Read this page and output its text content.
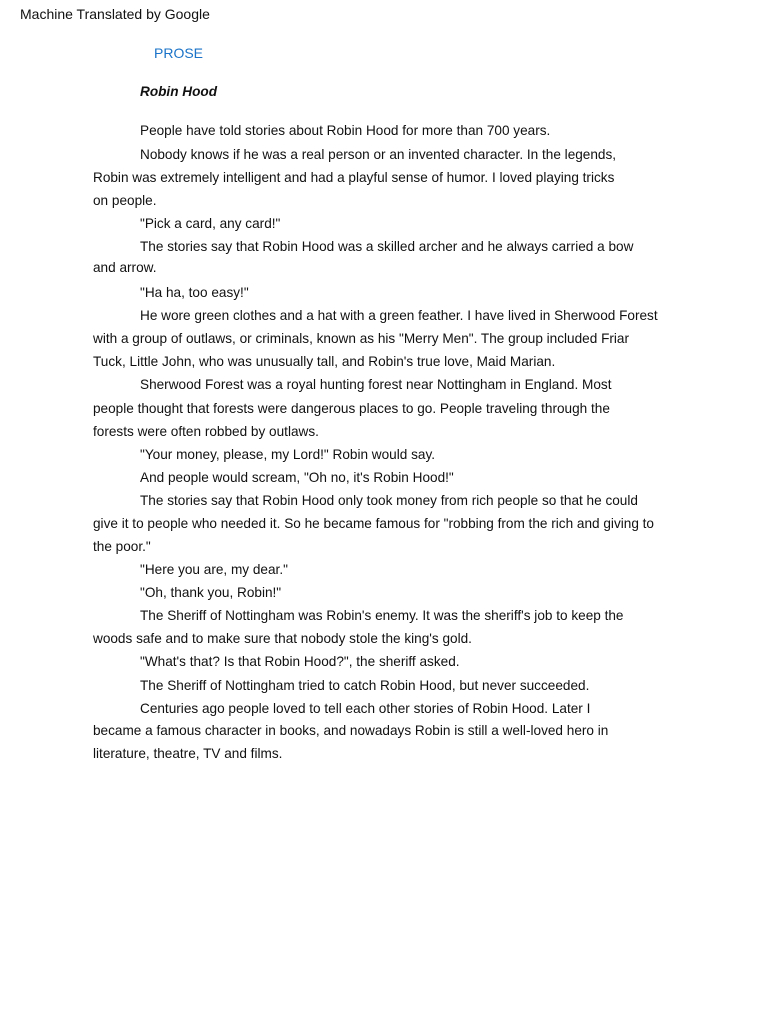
Machine Translated by Google
PROSE
Robin Hood
People have told stories about Robin Hood for more than 700 years.
Nobody knows if he was a real person or an invented character. In the legends,
Robin was extremely intelligent and had a playful sense of humor. I loved playing tricks
on people.
"Pick a card, any card!"
The stories say that Robin Hood was a skilled archer and he always carried a bow
and arrow.
"Ha ha, too easy!"
He wore green clothes and a hat with a green feather. I have lived in Sherwood Forest
with a group of outlaws, or criminals, known as his "Merry Men". The group included Friar
Tuck, Little John, who was unusually tall, and Robin's true love, Maid Marian.
Sherwood Forest was a royal hunting forest near Nottingham in England. Most
people thought that forests were dangerous places to go. People traveling through the
forests were often robbed by outlaws.
"Your money, please, my Lord!" Robin would say.
And people would scream, "Oh no, it's Robin Hood!"
The stories say that Robin Hood only took money from rich people so that he could
give it to people who needed it. So he became famous for "robbing from the rich and giving to
the poor."
"Here you are, my dear."
"Oh, thank you, Robin!"
The Sheriff of Nottingham was Robin's enemy. It was the sheriff's job to keep the
woods safe and to make sure that nobody stole the king's gold.
"What's that? Is that Robin Hood?", the sheriff asked.
The Sheriff of Nottingham tried to catch Robin Hood, but never succeeded.
Centuries ago people loved to tell each other stories of Robin Hood. Later I
became a famous character in books, and nowadays Robin is still a well-loved hero in
literature, theatre, TV and films.
